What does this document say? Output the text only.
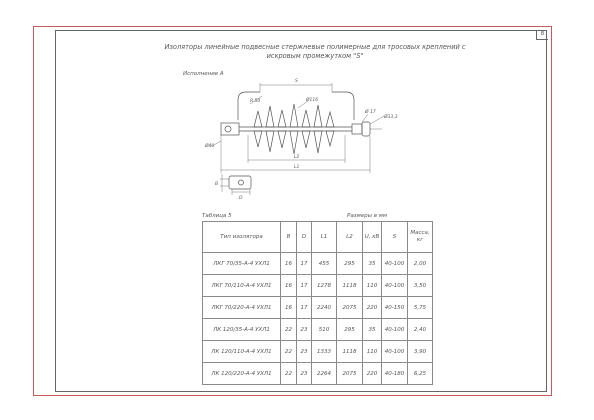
8
Изоляторы линейные подвесные стержневые полимерные для тросовых креплений с
искровым промежутком "S"
Исполнение А
S
R 50	Ø116
Ø 17
Ø33,3
Ø40
L2
L1
B
D
Таблица 5	Размеры в мм
Тип изолятора	B	D	L1	L2	U, кВ	S	Масса, кг
ЛКГ 70/35-А-4 УХЛ1	16	17	455	295	35	40-100	2,00
ЛКГ 70/110-А-4 УХЛ1	16	17	1278	1118	110	40-100	3,50
ЛКГ 70/220-А-4 УХЛ1	16	17	2240	2075	220	40-150	5,75
ЛК 120/35-А-4 УХЛ1	22	23	510	295	35	40-100	2,40
ЛК 120/110-А-4 УХЛ1	22	23	1333	1118	110	40-100	3,90
ЛК 120/220-А-4 УХЛ1	22	23	2264	2075	220	40-180	6,25
